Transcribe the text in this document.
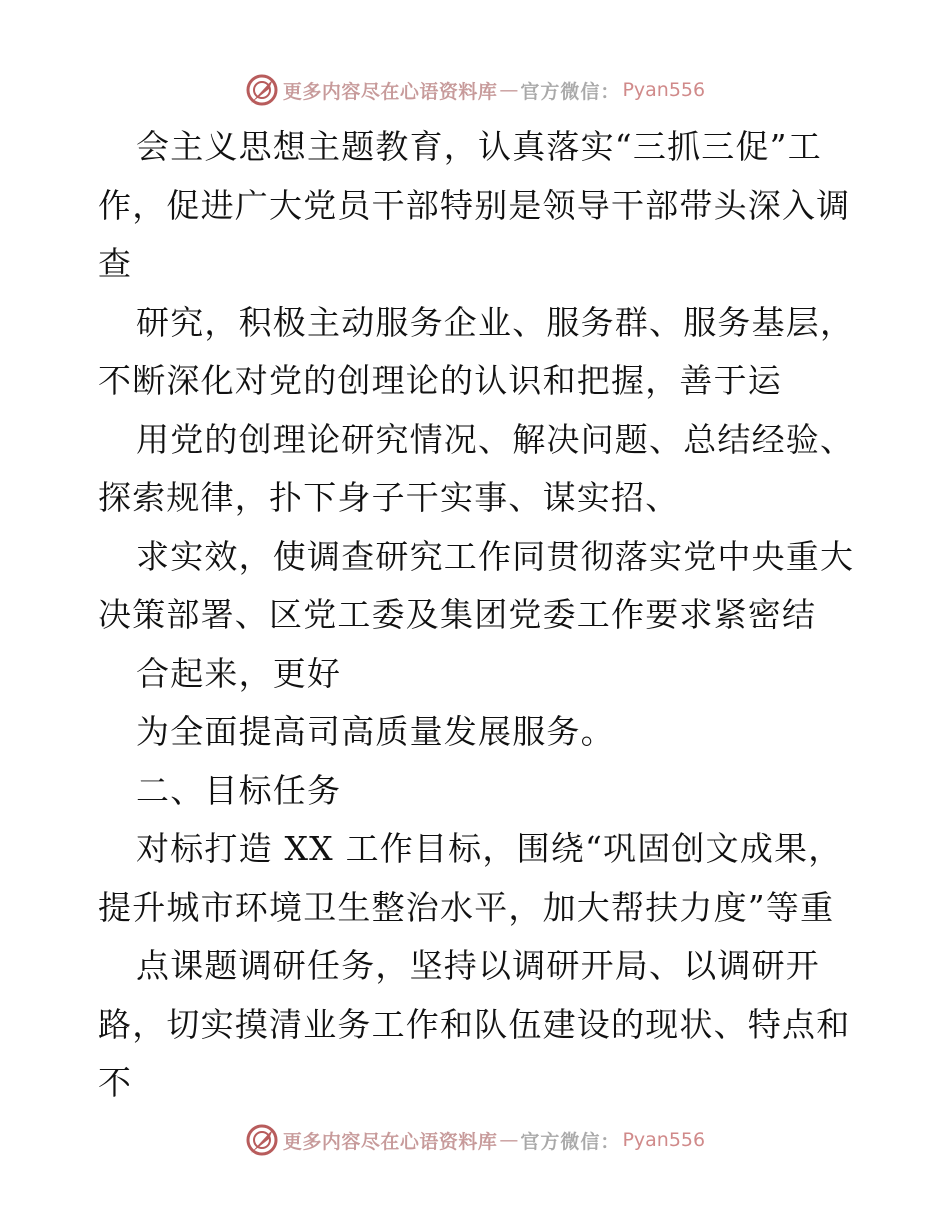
更多内容尽在心语资料库 — 官方微信： Pyan556
会主义思想主题教育，认真落实“三抓三促”工
作，促进广大党员干部特别是领导干部带头深入调
查
研究，积极主动服务企业、服务群、服务基层，
不断深化对党的创理论的认识和把握，善于运
用党的创理论研究情况、解决问题、总结经验、
探索规律，扑下身子干实事、谋实招、
求实效，使调查研究工作同贯彻落实党中央重大
决策部署、区党工委及集团党委工作要求紧密结
合起来，更好
为全面提高司高质量发展服务。
二、目标任务
对标打造 XX 工作目标，围绕“巩固创文成果，
提升城市环境卫生整治水平，加大帮扶力度”等重
点课题调研任务，坚持以调研开局、以调研开
路，切实摸清业务工作和队伍建设的现状、特点和
不
更多内容尽在心语资料库 — 官方微信： Pyan556
